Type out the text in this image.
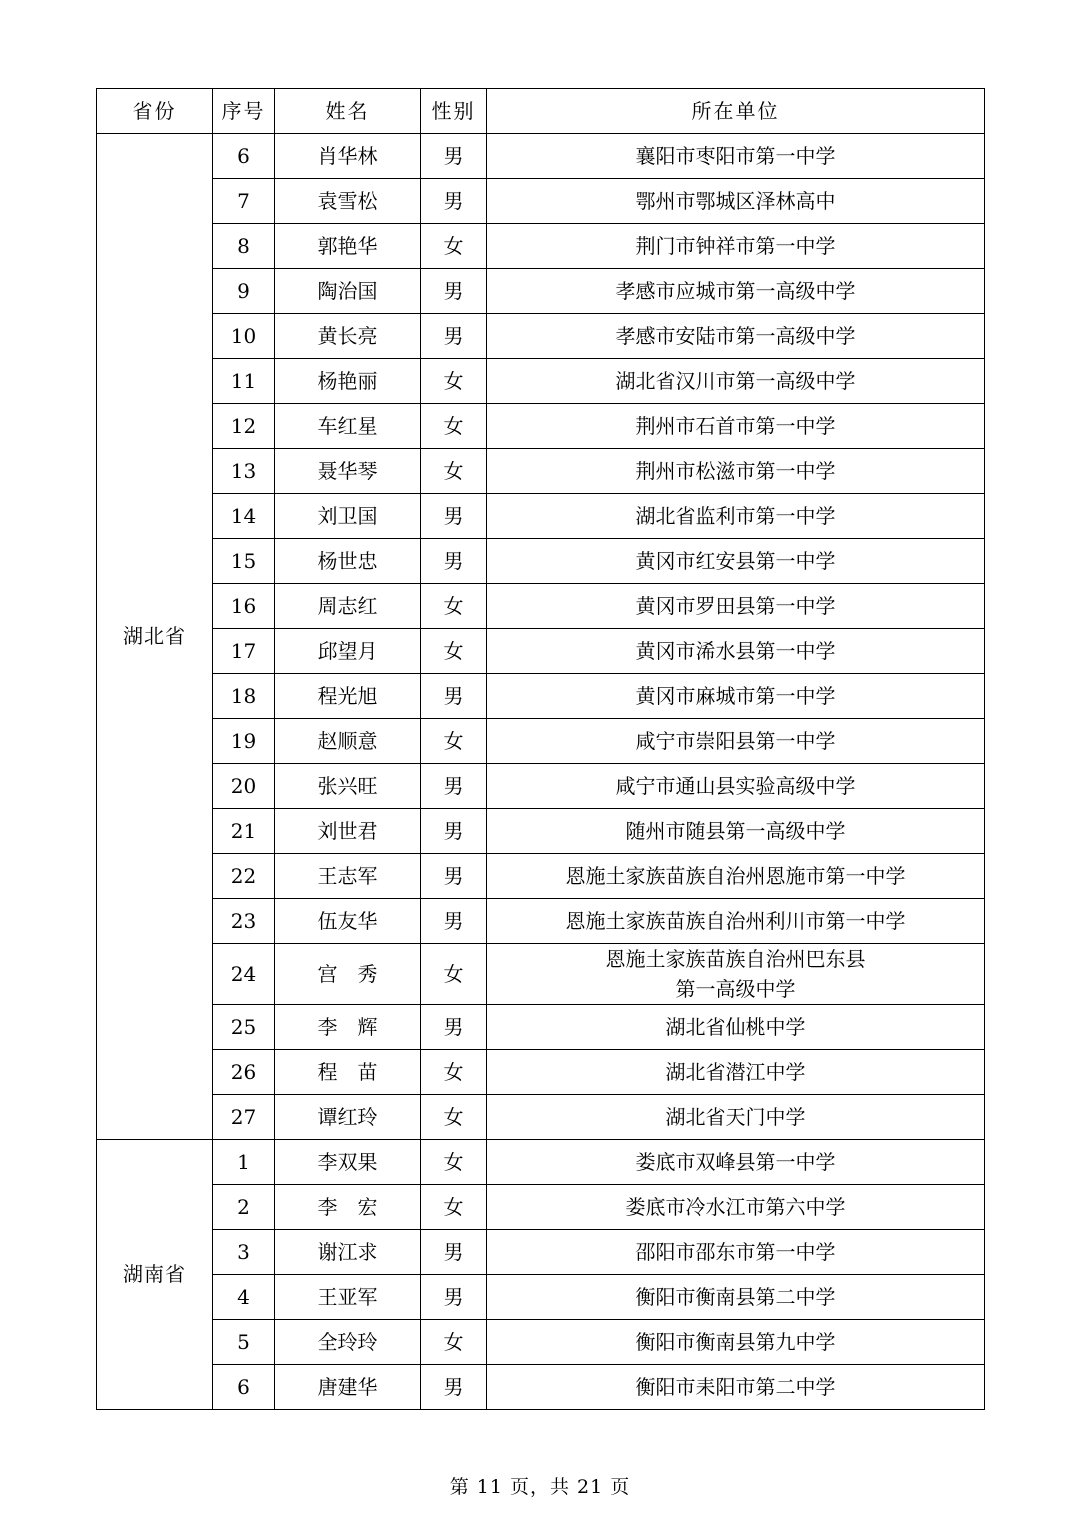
省份	序号	姓名	性别	所在单位
湖北省	6	肖华林	男	襄阳市枣阳市第一中学
	7	袁雪松	男	鄂州市鄂城区泽林高中
	8	郭艳华	女	荆门市钟祥市第一中学
	9	陶治国	男	孝感市应城市第一高级中学
	10	黄长亮	男	孝感市安陆市第一高级中学
	11	杨艳丽	女	湖北省汉川市第一高级中学
	12	车红星	女	荆州市石首市第一中学
	13	聂华琴	女	荆州市松滋市第一中学
	14	刘卫国	男	湖北省监利市第一中学
	15	杨世忠	男	黄冈市红安县第一中学
	16	周志红	女	黄冈市罗田县第一中学
	17	邱望月	女	黄冈市浠水县第一中学
	18	程光旭	男	黄冈市麻城市第一中学
	19	赵顺意	女	咸宁市崇阳县第一中学
	20	张兴旺	男	咸宁市通山县实验高级中学
	21	刘世君	男	随州市随县第一高级中学
	22	王志军	男	恩施土家族苗族自治州恩施市第一中学
	23	伍友华	男	恩施土家族苗族自治州利川市第一中学
	24	宫　秀	女	恩施土家族苗族自治州巴东县
第一高级中学

	25	李　辉	男	湖北省仙桃中学
	26	程　苗	女	湖北省潜江中学
	27	谭红玲	女	湖北省天门中学
湖南省	1	李双果	女	娄底市双峰县第一中学
	2	李　宏	女	娄底市冷水江市第六中学
	3	谢江求	男	邵阳市邵东市第一中学
	4	王亚军	男	衡阳市衡南县第二中学
	5	全玲玲	女	衡阳市衡南县第九中学
	6	唐建华	男	衡阳市耒阳市第二中学
第 11 页，共 21 页
